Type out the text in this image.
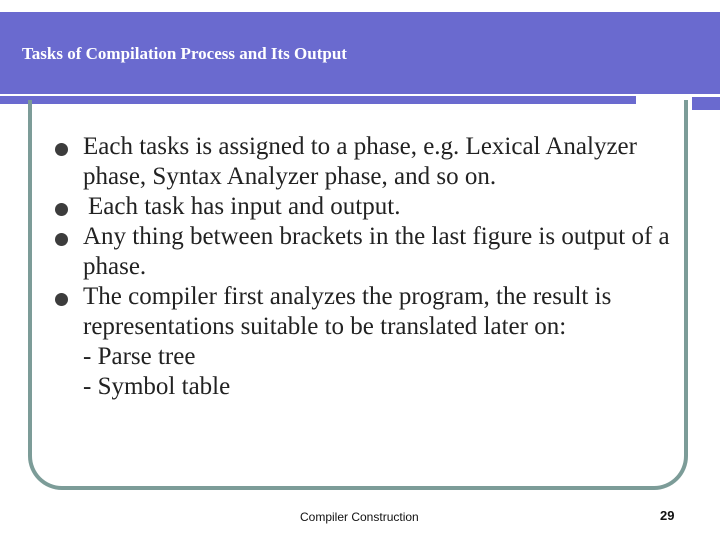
Tasks of Compilation Process and Its Output
Each tasks is assigned to a phase, e.g. Lexical Analyzer phase, Syntax Analyzer phase, and so on.
Each task has input and output.
Any thing between brackets in the last figure is output of a phase.
The compiler first analyzes the program, the result is representations suitable to be translated later on:
- Parse tree
- Symbol table
Compiler Construction	29
